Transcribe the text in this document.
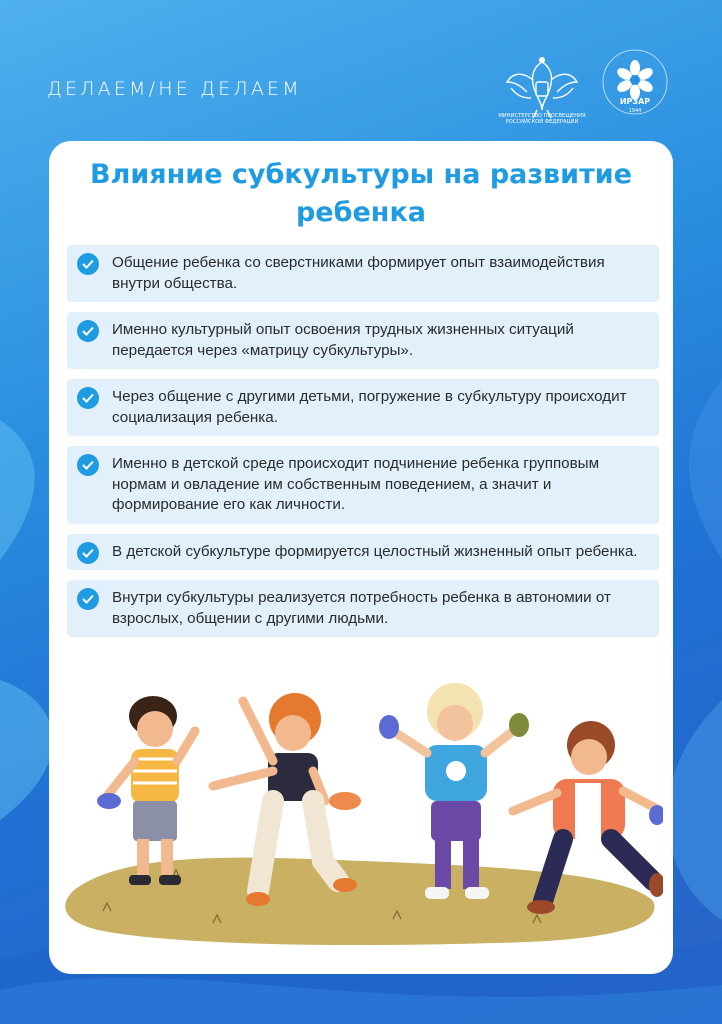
ДЕЛАЕМ/НЕ ДЕЛАЕМ
МИНИСТЕРСТВО ПРОСВЕЩЕНИЯ РОССИЙСКОЙ ФЕДЕРАЦИИ
ИРЗАР
1944
Влияние субкультуры на развитие
ребенка
Общение ребенка со сверстниками формирует опыт взаимодействия внутри общества.
Именно культурный опыт освоения трудных жизненных ситуаций передается через «матрицу субкультуры».
Через общение с другими детьми, погружение в субкультуру происходит социализация ребенка.
Именно в детской среде происходит подчинение ребенка групповым нормам и овладение им собственным поведением, а значит и формирование его как личности.
В детской субкультуре формируется целостный жизненный опыт ребенка.
Внутри субкультуры реализуется потребность ребенка в автономии от взрослых, общении с другими людьми.
